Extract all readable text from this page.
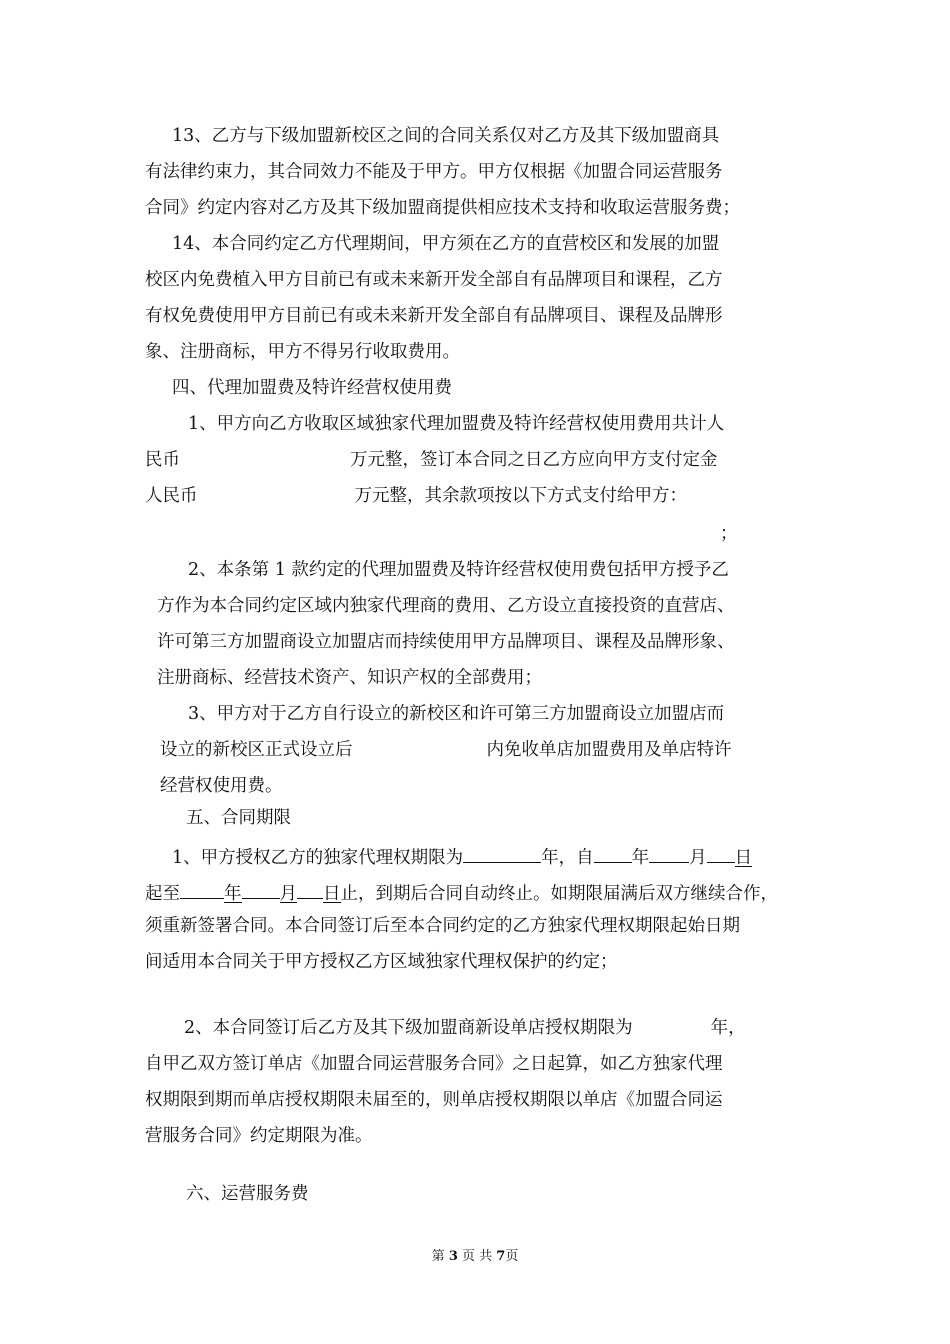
13、乙方与下级加盟新校区之间的合同关系仅对乙方及其下级加盟商具
有法律约束力，其合同效力不能及于甲方。甲方仅根据《加盟合同运营服务
合同》约定内容对乙方及其下级加盟商提供相应技术支持和收取运营服务费；
14、本合同约定乙方代理期间，甲方须在乙方的直营校区和发展的加盟
校区内免费植入甲方目前已有或未来新开发全部自有品牌项目和课程，乙方
有权免费使用甲方目前已有或未来新开发全部自有品牌项目、课程及品牌形
象、注册商标，甲方不得另行收取费用。
四、代理加盟费及特许经营权使用费
1、甲方向乙方收取区域独家代理加盟费及特许经营权使用费用共计人
民币	万元整，签订本合同之日乙方应向甲方支付定金
人民币	万元整，其余款项按以下方式支付给甲方：
；
2、本条第 1 款约定的代理加盟费及特许经营权使用费包括甲方授予乙
方作为本合同约定区域内独家代理商的费用、乙方设立直接投资的直营店、
许可第三方加盟商设立加盟店而持续使用甲方品牌项目、课程及品牌形象、
注册商标、经营技术资产、知识产权的全部费用；
3、甲方对于乙方自行设立的新校区和许可第三方加盟商设立加盟店而
设立的新校区正式设立后	内免收单店加盟费用及单店特许
经营权使用费。
五、合同期限
1、甲方授权乙方的独家代理权期限为	年，自 年 月 日
起至	年 月 日止，到期后合同自动终止。如期限届满后双方继续合作，
须重新签署合同。本合同签订后至本合同约定的乙方独家代理权期限起始日期
间适用本合同关于甲方授权乙方区域独家代理权保护的约定；
2、本合同签订后乙方及其下级加盟商新设单店授权期限为	年，
自甲乙双方签订单店《加盟合同运营服务合同》之日起算，如乙方独家代理
权期限到期而单店授权期限未届至的，则单店授权期限以单店《加盟合同运
营服务合同》约定期限为准。
六、运营服务费
第 3 页 共 7页
